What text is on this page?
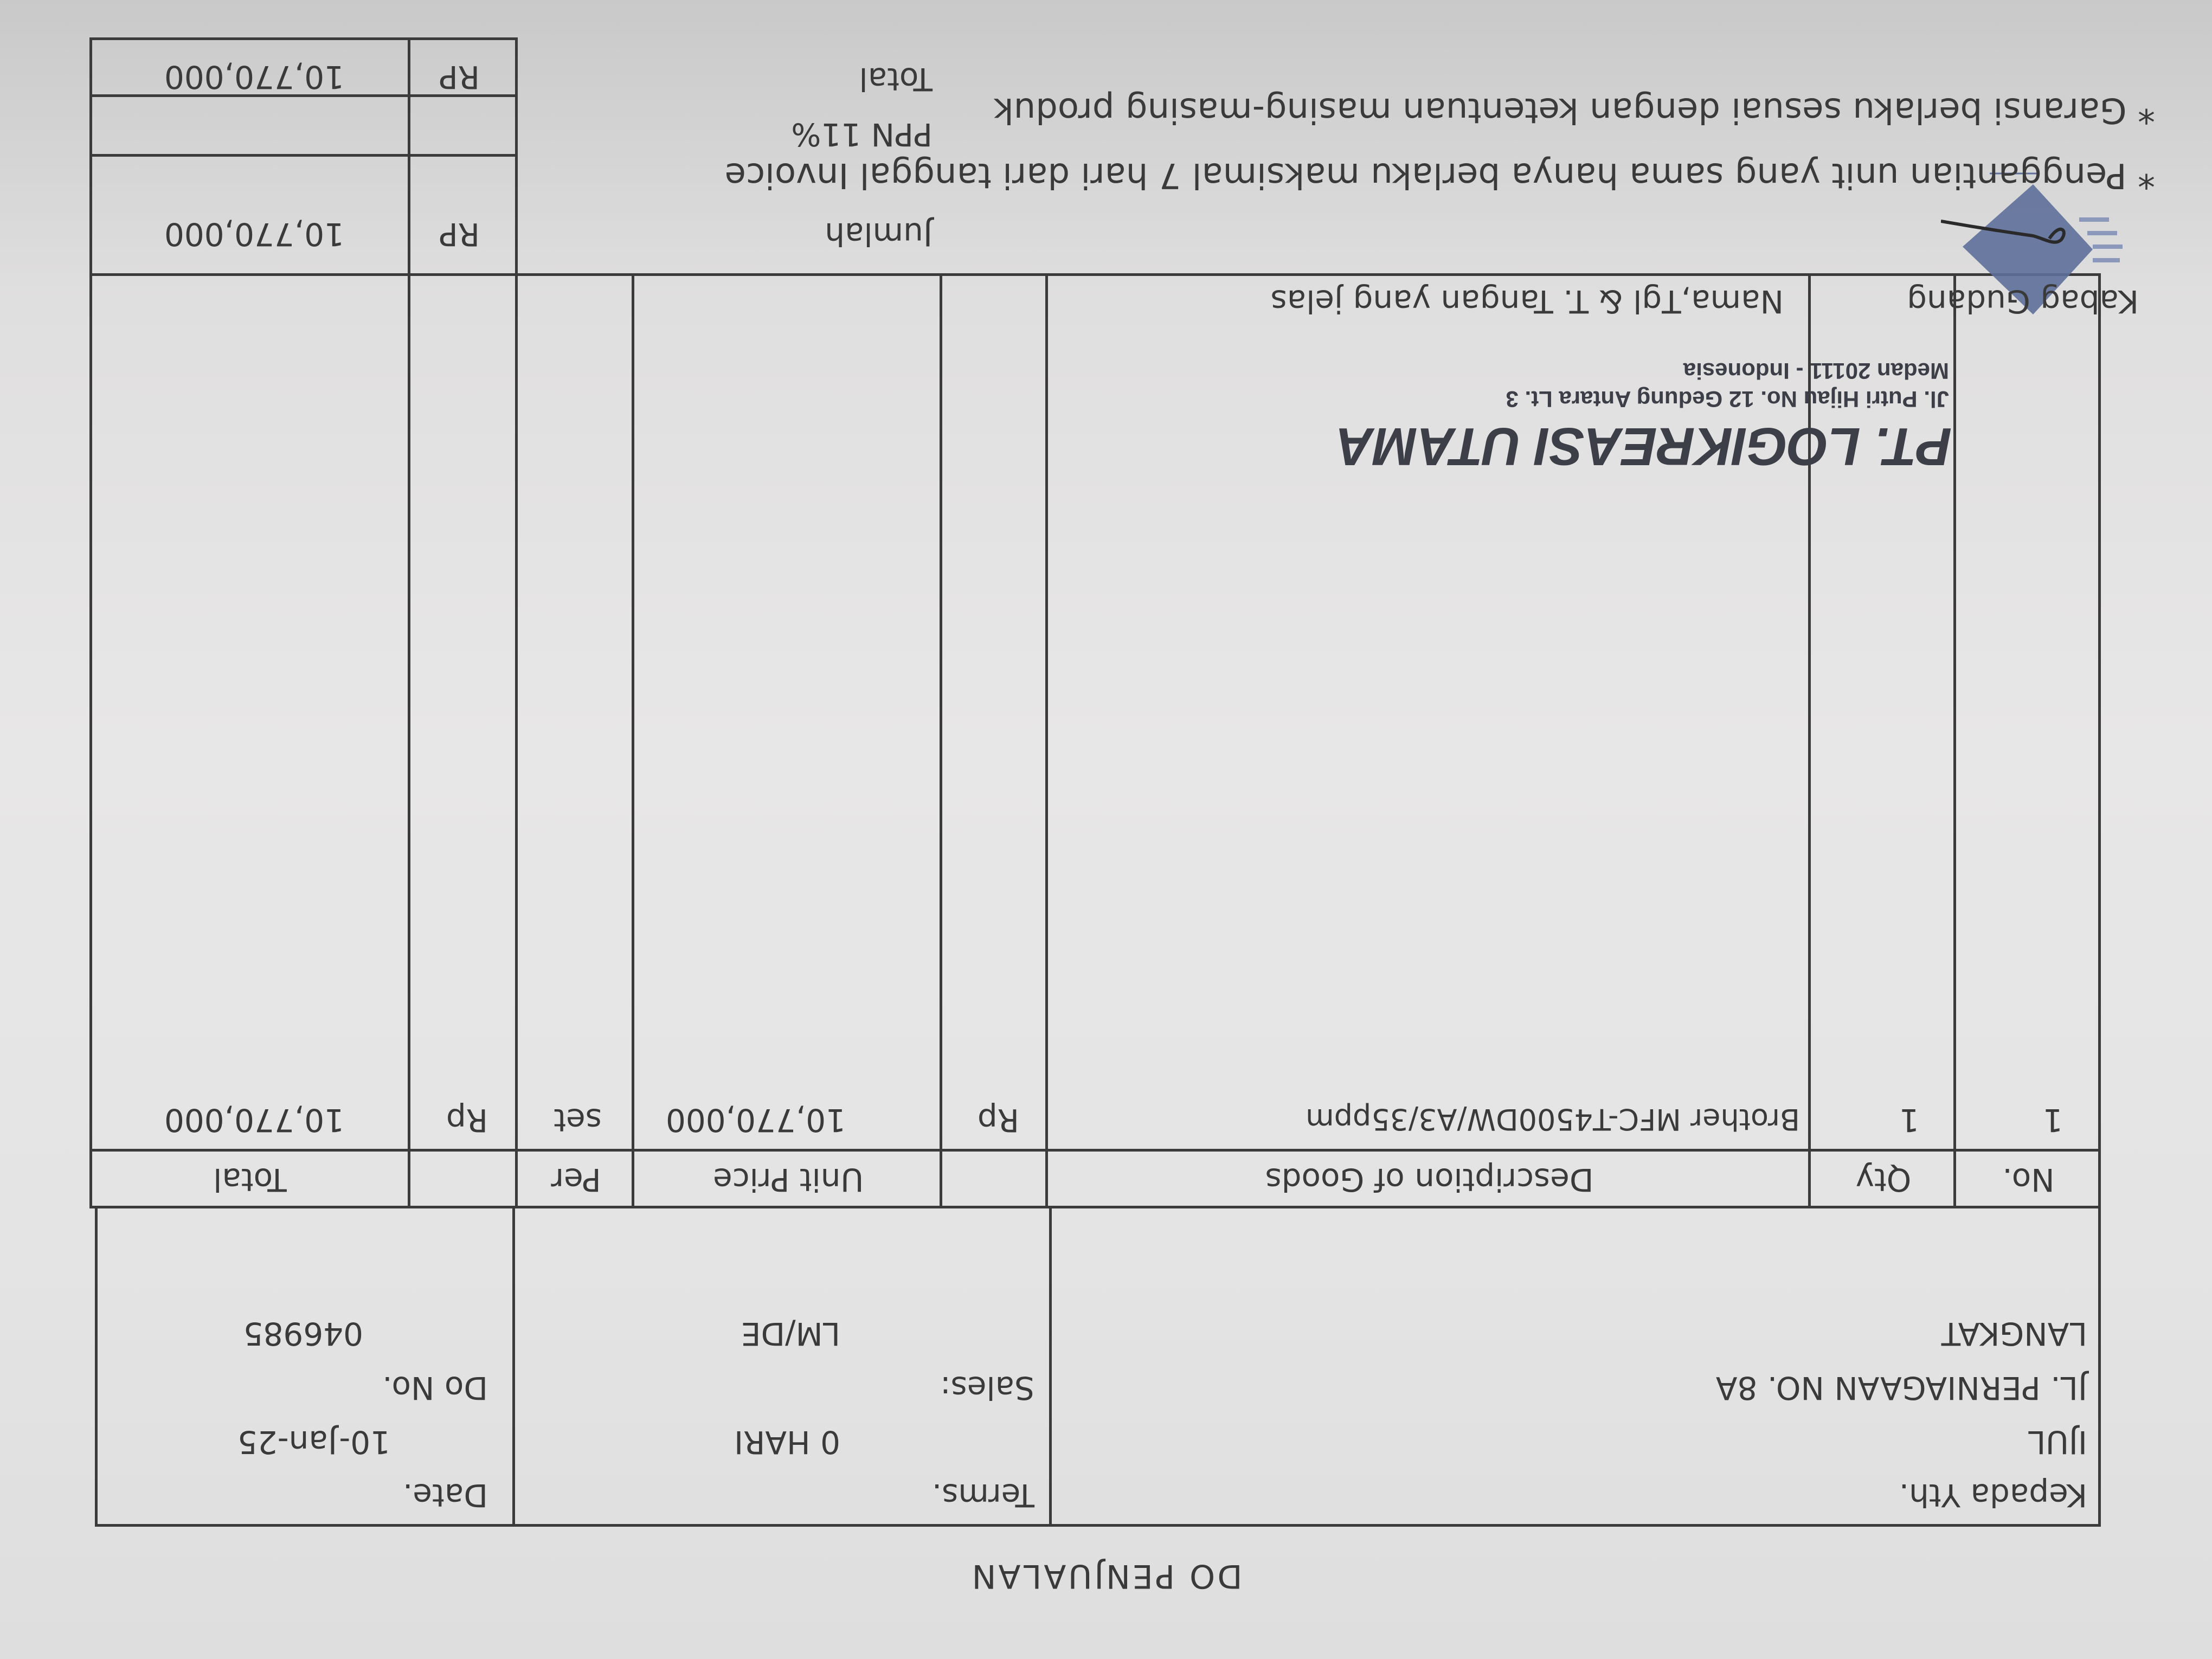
DO PENJUALAN
Kepada Yth.
IJUL
JL. PERNIAGAAN NO. 8A
LANGKAT
Terms.
0 HARI
Sales:
LM/DE
Date.
10-Jan-25
Do No.
046985
No.
Qty
Description of Goods
Unit Price
Per
Total
1
1
Brother MFC-T4500DW/A3/35ppm
Rp
10,770,000
set
Rp
10,770,000
Jumlah
RP
10,770,000
PPN 11%
Total
RP
10,770,000
PT. LOGIKREASI UTAMA
Jl. Putri Hijau No. 12 Gedung Antara Lt. 3
Medan 20111 - Indonesia
Kabag Gudang
Nama,Tgl & T. Tangan yang jelas
* Penggantian unit yang sama hanya berlaku maksimal 7 hari dari tanggal Invoice
* Garansi berlaku sesuai dengan ketentuan masing-masing produk
